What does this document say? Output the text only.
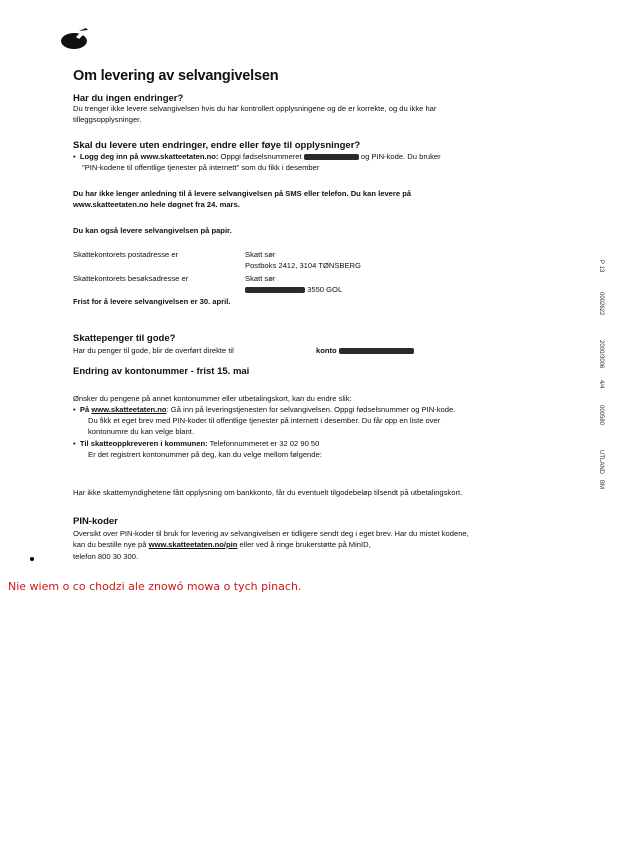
Om levering av selvangivelsen
Har du ingen endringer?
Du trenger ikke levere selvangivelsen hvis du har kontrollert opplysningene og de er korrekte, og du ikke har
tilleggsopplysninger.
Skal du levere uten endringer, endre eller føye til opplysninger?
•  Logg deg inn på www.skatteetaten.no: Oppgi fødselsnummeret	og PIN-kode. Du bruker
"PIN-kodene til offentlige tjenester på internett" som du fikk i desember
Du har ikke lenger anledning til å levere selvangivelsen på SMS eller telefon. Du kan levere på
www.skatteetaten.no hele døgnet fra 24. mars.
Du kan også levere selvangivelsen på papir.
Skattekontorets postadresse er	Skatt sør
Postboks 2412, 3104 TØNSBERG
Skattekontorets besøksadresse er	Skatt sør
3550 GOL
Frist for å levere selvangivelsen er 30. april.
Skattepenger til gode?
Har du penger til gode, blir de overført direkte til	konto
Endring av kontonummer - frist 15. mai
Ønsker du pengene på annet kontonummer eller utbetalingskort, kan du endre slik:
•  På www.skatteetaten.no: Gå inn på leveringstjenesten for selvangivelsen. Oppgi fødselsnummer og PIN-kode.
Du fikk et eget brev med PIN-koder til offentlige tjenester på internett i desember. Du får opp en liste over
kontonumre du kan velge blant.
•  Til skatteoppkreveren i kommunen: Telefonnummeret er 32 02 90 50
Er det registrert kontonummer på deg, kan du velge mellom følgende:
Har ikke skattemyndighetene fått opplysning om bankkonto, får du eventuelt tilgodebeløp tilsendt på utbetalingskort.
PIN-koder
Oversikt over PIN-koder til bruk for levering av selvangivelsen er tidligere sendt deg i eget brev. Har du mistet kodene,
kan du bestille nye på www.skatteetaten.no/pin eller ved å ringe brukerstøtte på MinID,
telefon 800 30 300.
Nie wiem o co chodzi ale znowó mowa o tych pinach.
P 13
0002622
2000/3006
4/4
000580
UTLAND
BM
